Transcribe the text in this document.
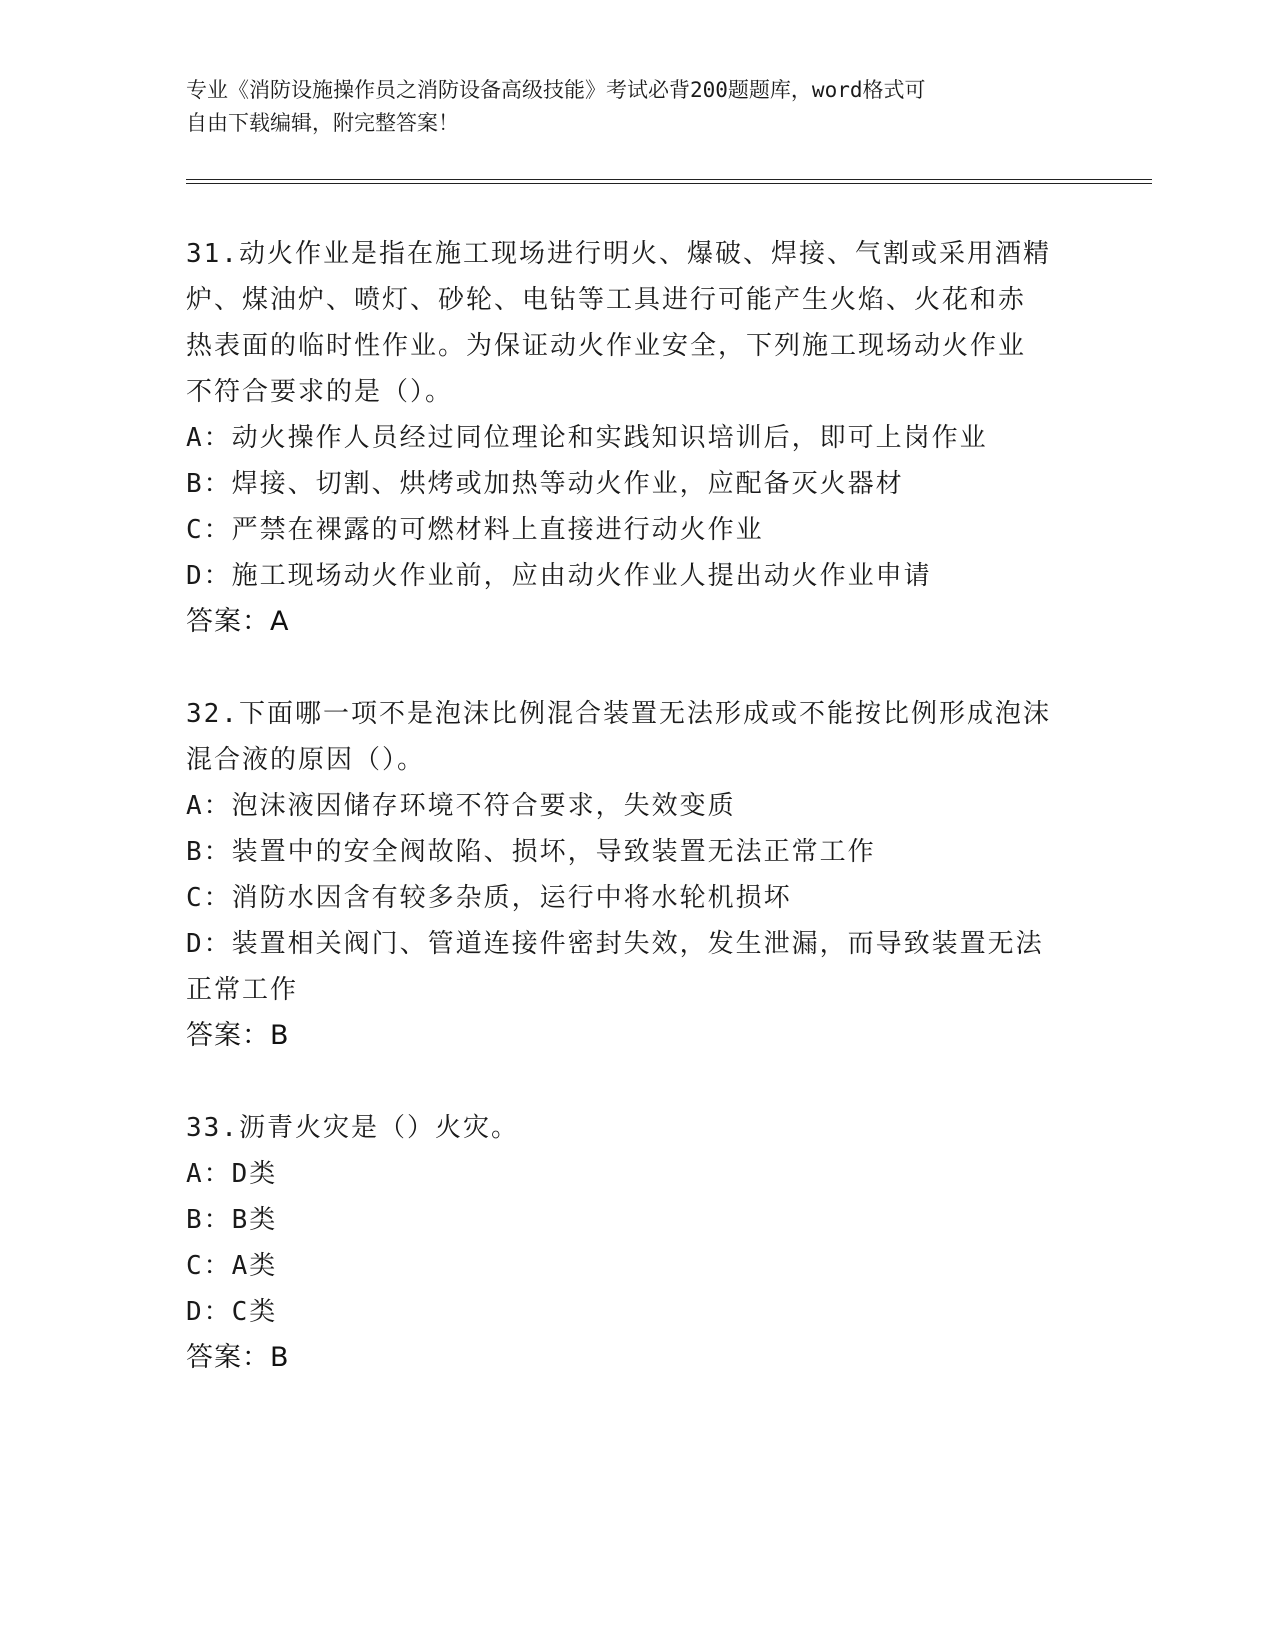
专业《消防设施操作员之消防设备高级技能》考试必背200题题库，word格式可
自由下载编辑，附完整答案！
31.动火作业是指在施工现场进行明火、爆破、焊接、气割或采用酒精
炉、煤油炉、喷灯、砂轮、电钻等工具进行可能产生火焰、火花和赤
热表面的临时性作业。为保证动火作业安全，下列施工现场动火作业
不符合要求的是（）。
A：动火操作人员经过同位理论和实践知识培训后，即可上岗作业
B：焊接、切割、烘烤或加热等动火作业，应配备灭火器材
C：严禁在裸露的可燃材料上直接进行动火作业
D：施工现场动火作业前，应由动火作业人提出动火作业申请
答案：A
32.下面哪一项不是泡沫比例混合装置无法形成或不能按比例形成泡沫
混合液的原因（）。
A：泡沫液因储存环境不符合要求，失效变质
B：装置中的安全阀故陷、损坏，导致装置无法正常工作
C：消防水因含有较多杂质，运行中将水轮机损坏
D：装置相关阀门、管道连接件密封失效，发生泄漏，而导致装置无法
正常工作
答案：B
33.沥青火灾是（）火灾。
A：D类
B：B类
C：A类
D：C类
答案：B
